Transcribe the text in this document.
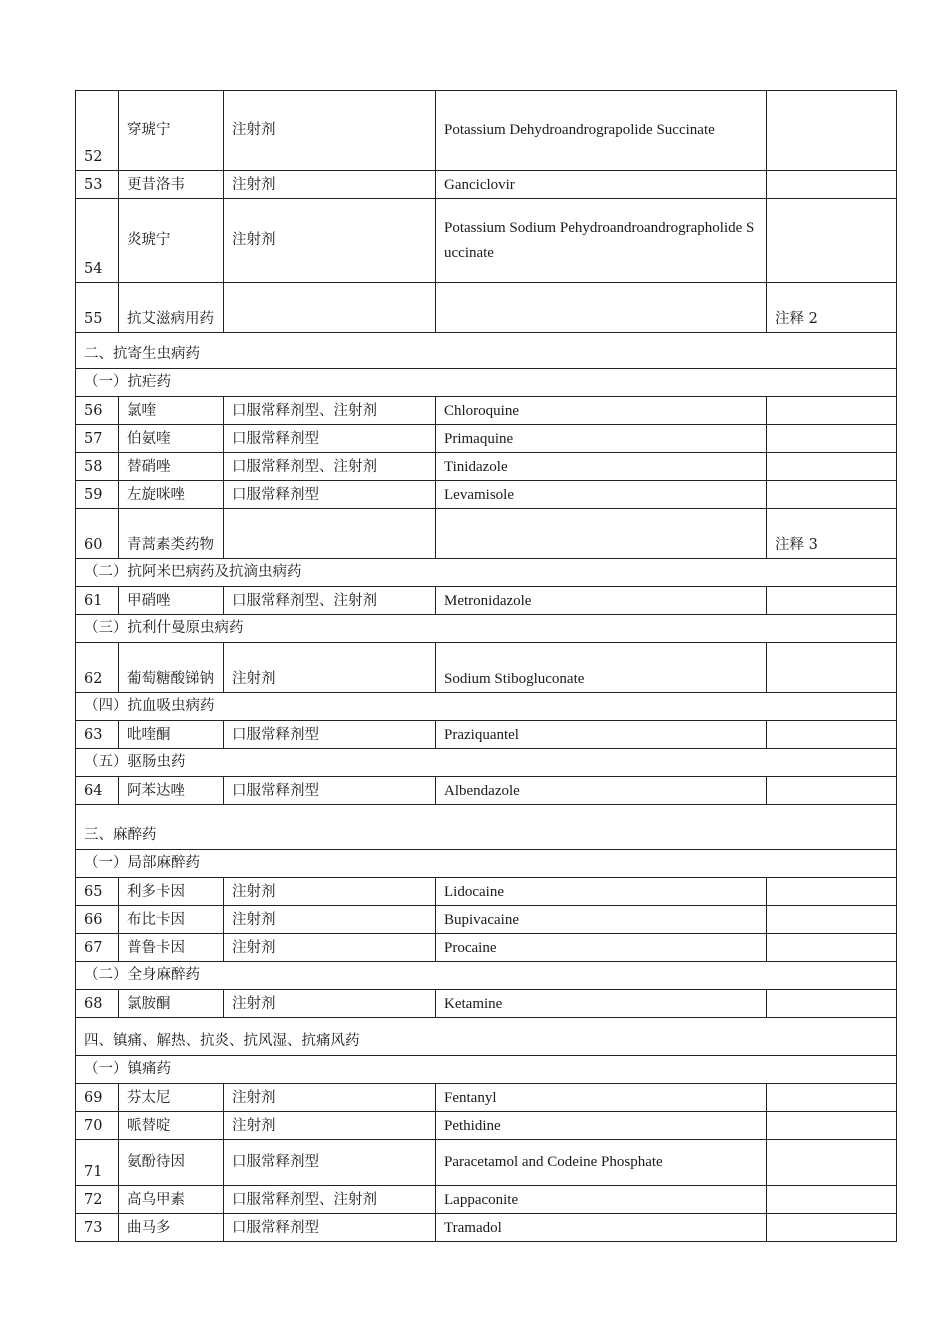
52	穿琥宁	注射剂	Potassium Dehydroandrograpolide Succinate	
53	更昔洛韦	注射剂	Ganciclovir	
54	炎琥宁	注射剂	Potassium Sodium Pehydroandroandrographolide Succinate	
55	抗艾滋病用药			注释 2
二、抗寄生虫病药				
（一）抗疟药				
56	氯喹	口服常释剂型、注射剂	Chloroquine	
57	伯氨喹	口服常释剂型	Primaquine	
58	替硝唑	口服常释剂型、注射剂	Tinidazole	
59	左旋咪唑	口服常释剂型	Levamisole	
60	青蒿素类药物			注释 3
（二）抗阿米巴病药及抗滴虫病药				
61	甲硝唑	口服常释剂型、注射剂	Metronidazole	
（三）抗利什曼原虫病药				
62	葡萄糖酸锑钠	注射剂	Sodium Stibogluconate	
（四）抗血吸虫病药				
63	吡喹酮	口服常释剂型	Praziquantel	
（五）驱肠虫药				
64	阿苯达唑	口服常释剂型	Albendazole	
三、麻醉药				
（一）局部麻醉药				
65	利多卡因	注射剂	Lidocaine	
66	布比卡因	注射剂	Bupivacaine	
67	普鲁卡因	注射剂	Procaine	
（二）全身麻醉药				
68	氯胺酮	注射剂	Ketamine	
四、镇痛、解热、抗炎、抗风湿、抗痛风药				
（一）镇痛药				
69	芬太尼	注射剂	Fentanyl	
70	哌替啶	注射剂	Pethidine	
71	氨酚待因	口服常释剂型	Paracetamol and Codeine Phosphate	
72	高乌甲素	口服常释剂型、注射剂	Lappaconite	
73	曲马多	口服常释剂型	Tramadol	
